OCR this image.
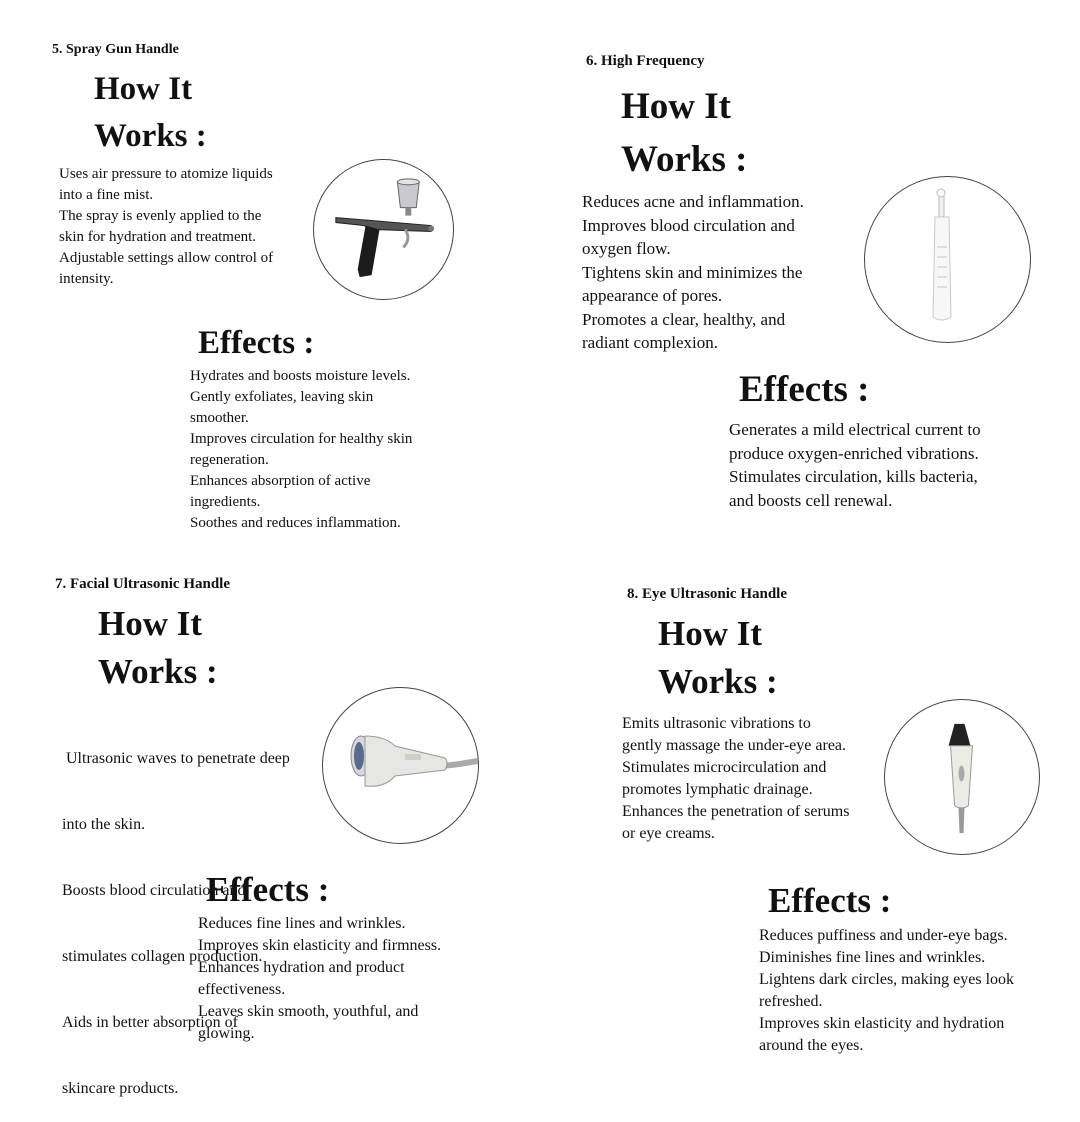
5. Spray Gun Handle
How It
Works :
Uses air pressure to atomize liquids
into a fine mist.
The spray is evenly applied to the
skin for hydration and treatment.
Adjustable settings allow control of
intensity.
Effects :
Hydrates and boosts moisture levels.
Gently exfoliates, leaving skin
smoother.
Improves circulation for healthy skin
regeneration.
Enhances absorption of active
ingredients.
Soothes and reduces inflammation.
6. High Frequency
How It
Works :
Reduces acne and inflammation.
Improves blood circulation and
oxygen flow.
Tightens skin and minimizes the
appearance of pores.
Promotes a clear, healthy, and
radiant complexion.
Effects :
Generates a mild electrical current to
produce oxygen-enriched vibrations.
Stimulates circulation, kills bacteria,
and boosts cell renewal.
7. Facial Ultrasonic Handle
How It
Works :

Ultrasonic waves to penetrate deep

into the skin.

Boosts blood circulation and

stimulates collagen production.

Aids in better absorption of

skincare products.

Effects :
Reduces fine lines and wrinkles.
Improves skin elasticity and firmness.
Enhances hydration and product
effectiveness.
Leaves skin smooth, youthful, and
glowing.
8. Eye Ultrasonic Handle
How It
Works :
Emits ultrasonic vibrations to
gently massage the under-eye area.
Stimulates microcirculation and
promotes lymphatic drainage.
Enhances the penetration of serums
or eye creams.
Effects :
Reduces puffiness and under-eye bags.
Diminishes fine lines and wrinkles.
Lightens dark circles, making eyes look
refreshed.
Improves skin elasticity and hydration
around the eyes.
